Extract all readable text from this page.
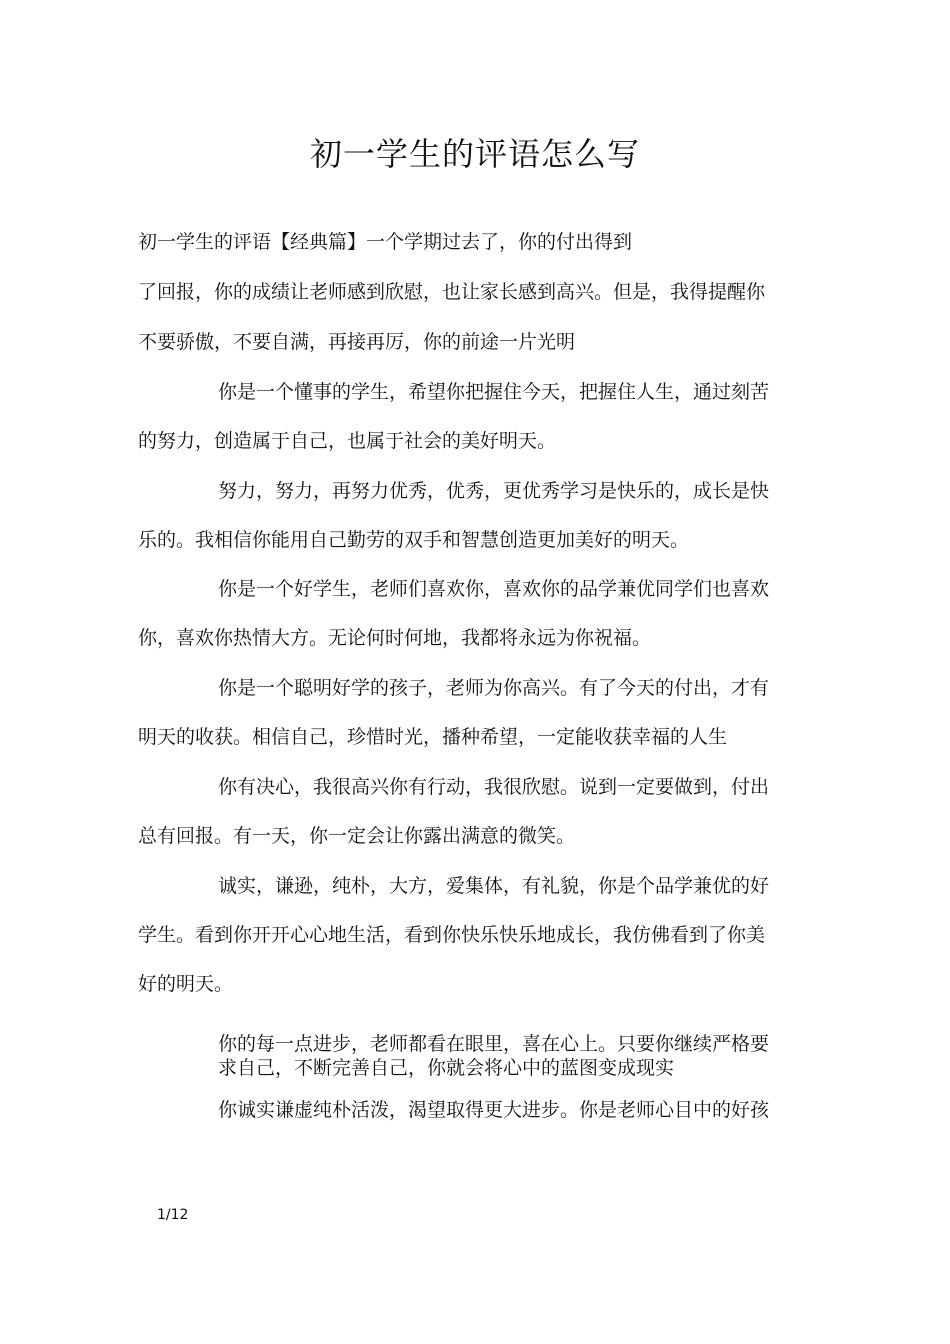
初一学生的评语怎么写

初一学生的评语【经典篇】一个学期过去了，你的付出得到

了回报，你的成绩让老师感到欣慰，也让家长感到高兴。但是，我得提醒你

不要骄傲，不要自满，再接再厉，你的前途一片光明

你是一个懂事的学生，希望你把握住今天，把握住人生，通过刻苦

的努力，创造属于自己，也属于社会的美好明天。

努力，努力，再努力优秀，优秀，更优秀学习是快乐的，成长是快

乐的。我相信你能用自己勤劳的双手和智慧创造更加美好的明天。

你是一个好学生，老师们喜欢你，喜欢你的品学兼优同学们也喜欢

你，喜欢你热情大方。无论何时何地，我都将永远为你祝福。

你是一个聪明好学的孩子，老师为你高兴。有了今天的付出，才有

明天的收获。相信自己，珍惜时光，播种希望，一定能收获幸福的人生

你有决心，我很高兴你有行动，我很欣慰。说到一定要做到，付出

总有回报。有一天，你一定会让你露出满意的微笑。

诚实，谦逊，纯朴，大方，爱集体，有礼貌，你是个品学兼优的好

学生。看到你开开心心地生活，看到你快乐快乐地成长，我仿佛看到了你美

好的明天。

你的每一点进步，老师都看在眼里，喜在心上。只要你继续严格要

求自己，不断完善自己，你就会将心中的蓝图变成现实

你诚实谦虚纯朴活泼，渴望取得更大进步。你是老师心目中的好孩

1/12
